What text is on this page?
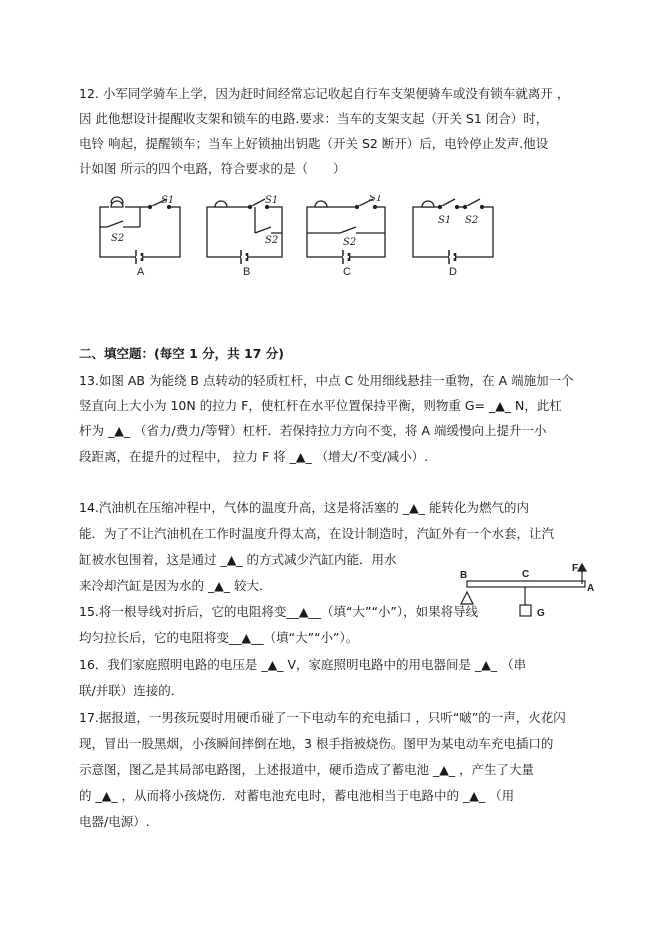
12. 小军同学骑车上学，因为赶时间经常忘记收起自行车支架便骑车或没有锁车就离开 ，
因 此他想设计提醒收支架和锁车的电路.要求：当车的支架支起（开关 S1 闭合）时，
电铃 响起，提醒锁车；当车上好锁抽出钥匙（开关 S2 断开）后，电铃停止发声.他设
计如图 所示的四个电路，符合要求的是（　　）
S1
S2
S1
S2
S1
S2
S1 S2
A	B	C	D
二、填空题：(每空 1 分，共 17 分)
13.如图 AB 为能绕 B 点转动的轻质杠杆，中点 C 处用细线悬挂一重物，在 A 端施加一个
竖直向上大小为 10N 的拉力 F，使杠杆在水平位置保持平衡，则物重 G= _▲_ N，此杠
杆为 _▲_ （省力/费力/等臂）杠杆．若保持拉力方向不变，将 A 端缓慢向上提升一小
段距离，在提升的过程中， 拉力 F 将 _▲_ （增大/不变/减小）.
14.汽油机在压缩冲程中，气体的温度升高，这是将活塞的 _▲_ 能转化为燃气的内
能．为了不让汽油机在工作时温度升得太高，在设计制造时，汽缸外有一个水套，让汽
缸被水包围着，这是通过 _▲_ 的方式减少汽缸内能．用水
来冷却汽缸是因为水的 _▲_ 较大．
B	C
A
F
G
15.将一根导线对折后，它的电阻将变__▲__（填“大”“小”），如果将导线
均匀拉长后，它的电阻将变__▲__（填“大”“小”）。
16．我们家庭照明电路的电压是 _▲_ V，家庭照明电路中的用电器间是 _▲_ （串
联/并联）连接的．
17.据报道，一男孩玩耍时用硬币碰了一下电动车的充电插口 ，只听“啵”的一声，火花闪
现，冒出一股黑烟，小孩瞬间摔倒在地，3 根手指被烧伤。图甲为某电动车充电插口的
示意图，图乙是其局部电路图，上述报道中，硬币造成了蓄电池 _▲_ ，产生了大量
的 _▲_ ，从而将小孩烧伤．对蓄电池充电时，蓄电池相当于电路中的 _▲_ （用
电器/电源）.
